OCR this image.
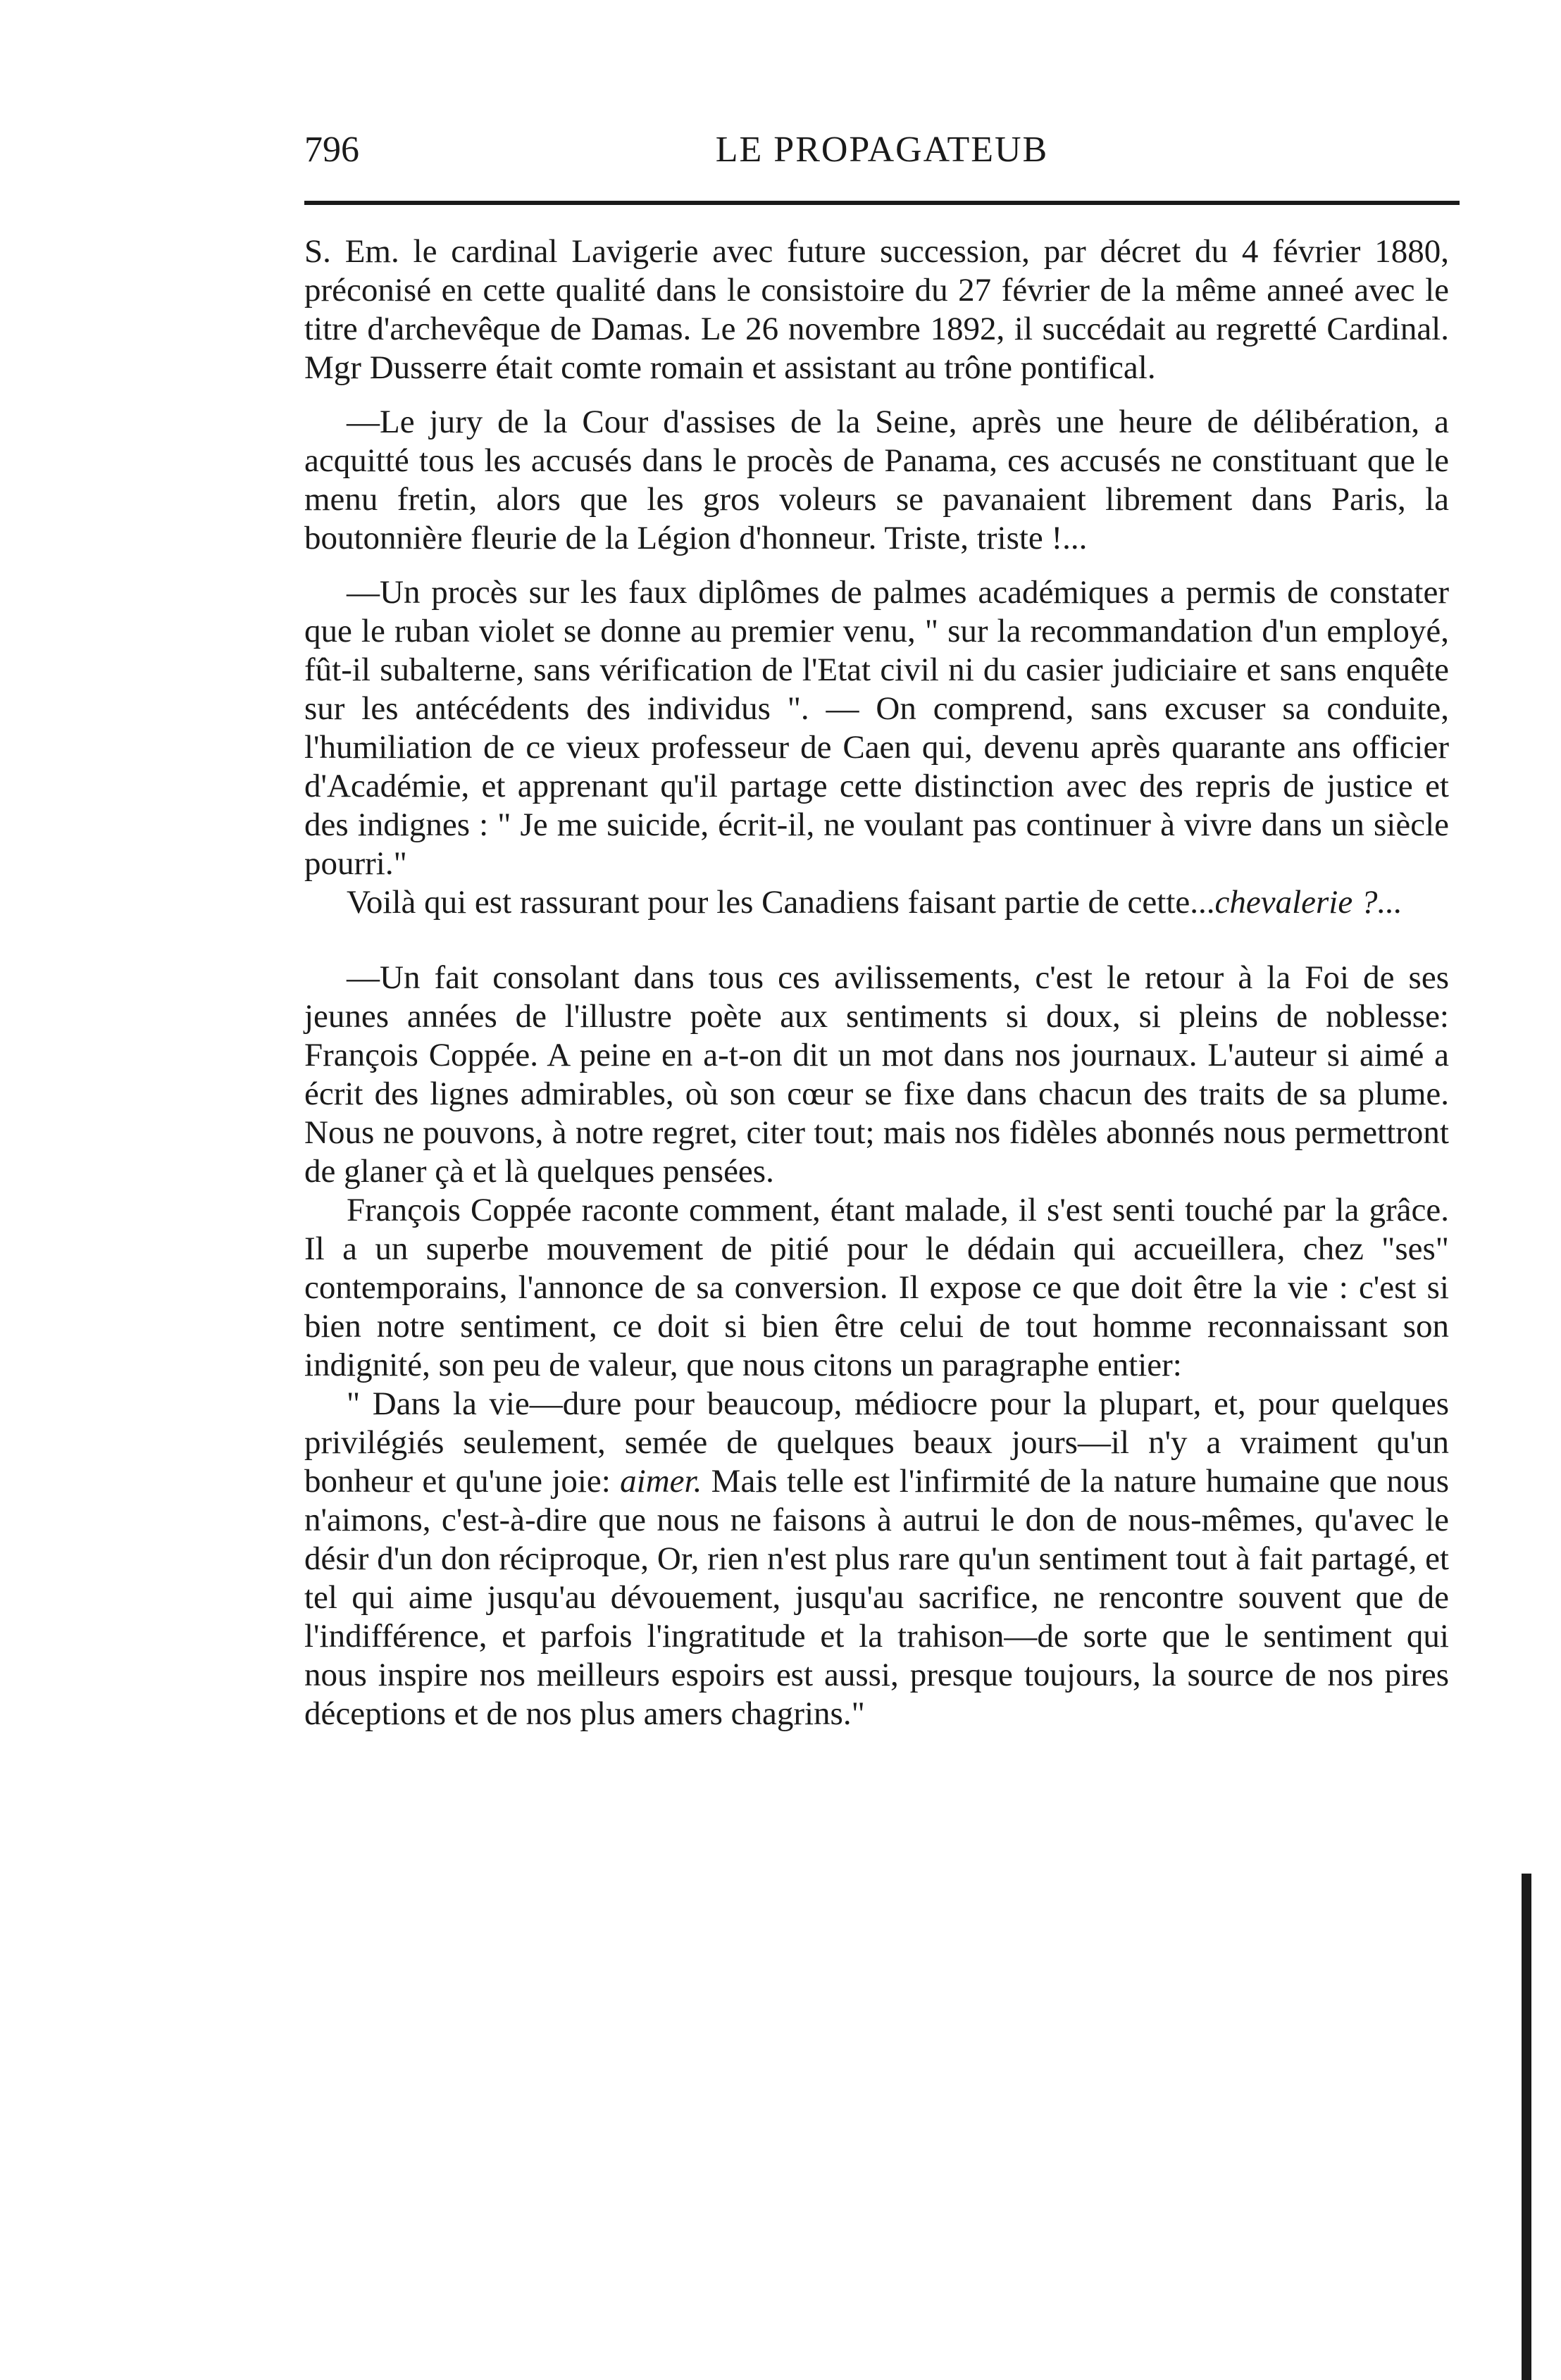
796	LE PROPAGATEUB

S. Em. le cardinal Lavigerie avec future succession, par décret du 4 février 1880, préconisé en cette qualité dans le consistoire du 27 février de la même anneé avec le titre d'archevêque de Damas. Le 26 novembre 1892, il succédait au regretté Cardinal. Mgr Dusserre était comte romain et assistant au trône pontifical.

—Le jury de la Cour d'assises de la Seine, après une heure de délibération, a acquitté tous les accusés dans le procès de Panama, ces accusés ne constituant que le menu fretin, alors que les gros voleurs se pavanaient librement dans Paris, la boutonnière fleurie de la Légion d'honneur. Triste, triste !...

—Un procès sur les faux diplômes de palmes académiques a permis de constater que le ruban violet se donne au premier venu, " sur la recommandation d'un employé, fût-il subalterne, sans vérification de l'Etat civil ni du casier judiciaire et sans enquête sur les antécédents des individus ". — On comprend, sans excuser sa conduite, l'humiliation de ce vieux professeur de Caen qui, devenu après quarante ans officier d'Académie, et apprenant qu'il partage cette distinction avec des repris de justice et des indignes : " Je me suicide, écrit-il, ne voulant pas continuer à vivre dans un siècle pourri."

Voilà qui est rassurant pour les Canadiens faisant partie de cette...chevalerie ?...

—Un fait consolant dans tous ces avilissements, c'est le retour à la Foi de ses jeunes années de l'illustre poète aux sentiments si doux, si pleins de noblesse: François Coppée. A peine en a-t-on dit un mot dans nos journaux. L'auteur si aimé a écrit des lignes admirables, où son cœur se fixe dans chacun des traits de sa plume. Nous ne pouvons, à notre regret, citer tout; mais nos fidèles abonnés nous permettront de glaner çà et là quelques pensées.

François Coppée raconte comment, étant malade, il s'est senti touché par la grâce. Il a un superbe mouvement de pitié pour le dédain qui accueillera, chez "ses" contemporains, l'annonce de sa conversion. Il expose ce que doit être la vie : c'est si bien notre sentiment, ce doit si bien être celui de tout homme reconnaissant son indignité, son peu de valeur, que nous citons un paragraphe entier:

" Dans la vie—dure pour beaucoup, médiocre pour la plupart, et, pour quelques privilégiés seulement, semée de quelques beaux jours—il n'y a vraiment qu'un bonheur et qu'une joie: aimer. Mais telle est l'infirmité de la nature humaine que nous n'aimons, c'est-à-dire que nous ne faisons à autrui le don de nous-mêmes, qu'avec le désir d'un don réciproque, Or, rien n'est plus rare qu'un sentiment tout à fait partagé, et tel qui aime jusqu'au dévouement, jusqu'au sacrifice, ne rencontre souvent que de l'indifférence, et parfois l'ingratitude et la trahison—de sorte que le sentiment qui nous inspire nos meilleurs espoirs est aussi, presque toujours, la source de nos pires déceptions et de nos plus amers chagrins."
